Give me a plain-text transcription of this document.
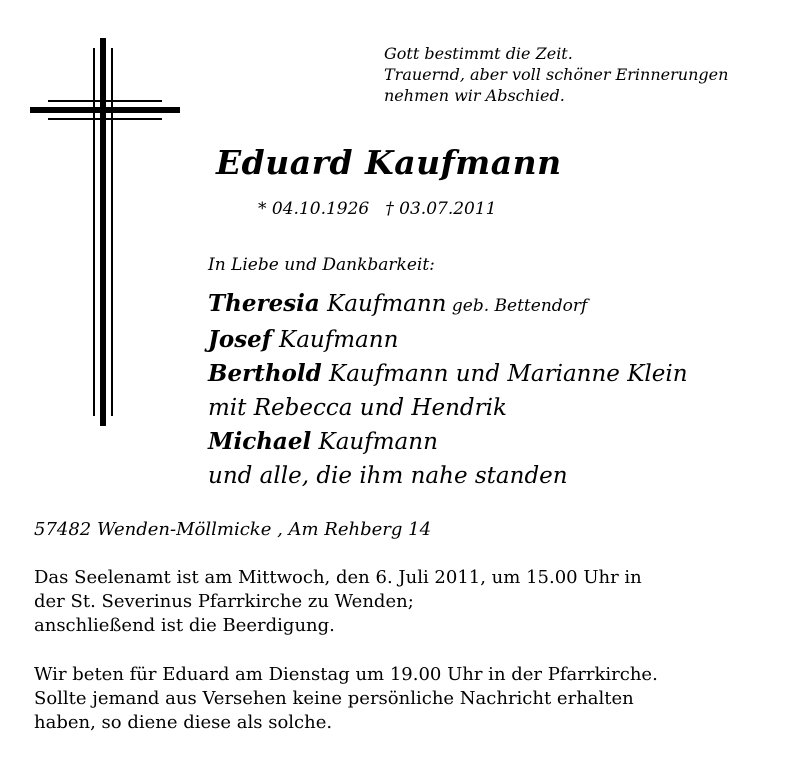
Gott bestimmt die Zeit.
Trauernd, aber voll schöner Erinnerungen
nehmen wir Abschied.
Eduard Kaufmann
* 04.10.1926 † 03.07.2011
In Liebe und Dankbarkeit:
Theresia Kaufmann geb. Bettendorf
Josef Kaufmann
Berthold Kaufmann und Marianne Klein
mit Rebecca und Hendrik
Michael Kaufmann
und alle, die ihm nahe standen
57482 Wenden-Möllmicke , Am Rehberg 14
Das Seelenamt ist am Mittwoch, den 6. Juli 2011, um 15.00 Uhr in
der St. Severinus Pfarrkirche zu Wenden;
anschließend ist die Beerdigung.
Wir beten für Eduard am Dienstag um 19.00 Uhr in der Pfarrkirche.
Sollte jemand aus Versehen keine persönliche Nachricht erhalten
haben, so diene diese als solche.
